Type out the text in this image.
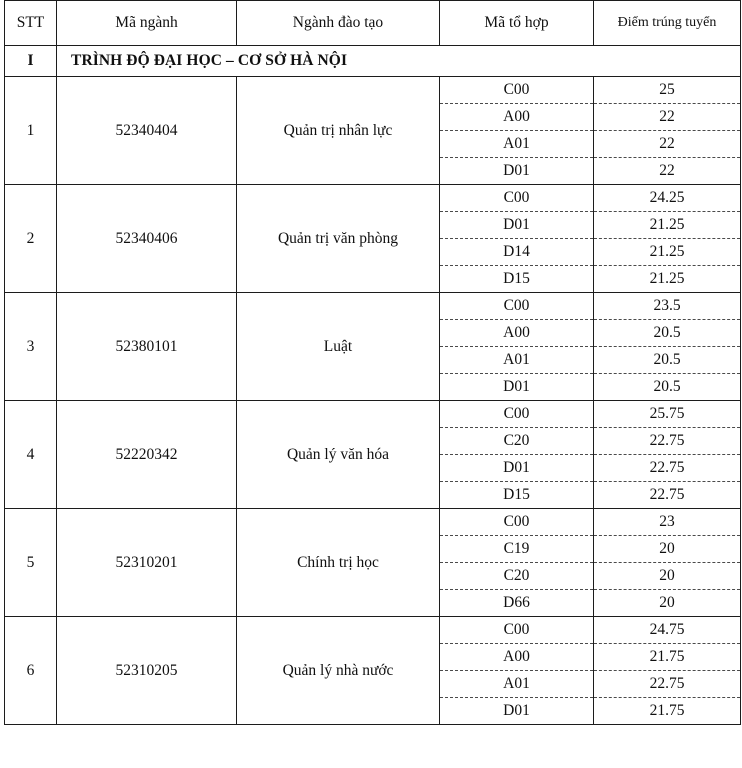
STT	Mã ngành	Ngành đào tạo	Mã tổ hợp	Điểm trúng tuyển
I	TRÌNH ĐỘ ĐẠI HỌC – CƠ SỞ HÀ NỘI			
1	52340404	Quản trị nhân lực	C00	25
			A00	22
			A01	22
			D01	22
2	52340406	Quản trị văn phòng	C00	24.25
			D01	21.25
			D14	21.25
			D15	21.25
3	52380101	Luật	C00	23.5
			A00	20.5
			A01	20.5
			D01	20.5
4	52220342	Quản lý văn hóa	C00	25.75
			C20	22.75
			D01	22.75
			D15	22.75
5	52310201	Chính trị học	C00	23
			C19	20
			C20	20
			D66	20
6	52310205	Quản lý nhà nước	C00	24.75
			A00	21.75
			A01	22.75
			D01	21.75
